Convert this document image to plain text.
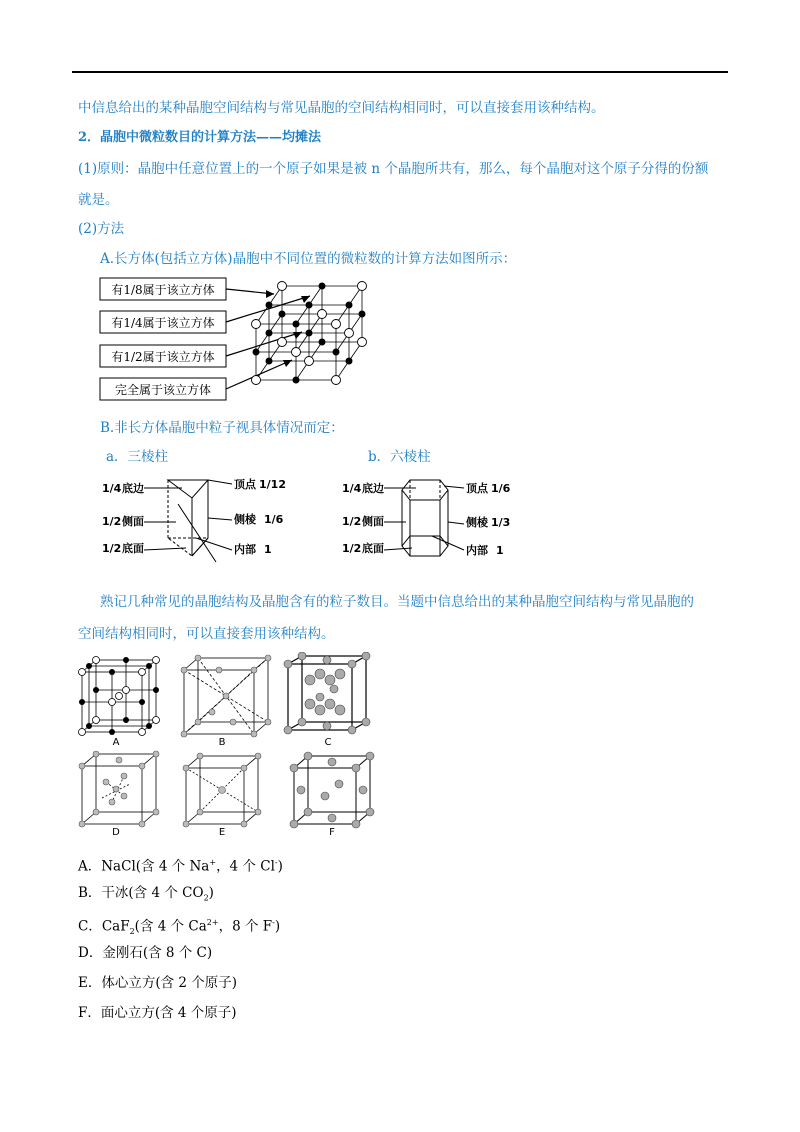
中信息给出的某种晶胞空间结构与常见晶胞的空间结构相同时，可以直接套用该种结构。
2．晶胞中微粒数目的计算方法——均摊法
(1)原则：晶胞中任意位置上的一个原子如果是被 n 个晶胞所共有，那么，每个晶胞对这个原子分得的份额
就是。
(2)方法
A.长方体(包括立方体)晶胞中不同位置的微粒数的计算方法如图所示：
有1/8属于该立方体
有1/4属于该立方体
有1/2属于该立方体
完全属于该立方体
B.非长方体晶胞中粒子视具体情况而定：
a．三棱柱	b．六棱柱
1/4 底边
1/2 侧面
1/2 底面
顶点 1/12
侧棱 1/6
内部 1
1/4 底边
1/2 侧面
1/2 底面
顶点 1/6
侧棱 1/3
内部 1
熟记几种常见的晶胞结构及晶胞含有的粒子数目。当题中信息给出的某种晶胞空间结构与常见晶胞的
空间结构相同时，可以直接套用该种结构。
A	B	C
D	E	F
A．NaCl(含 4 个 Na+，4 个 Cl-)
B．干冰(含 4 个 $CO_2$)
C．CaF$_2$(含 4 个 $Ca^{2+}$，8 个 F-)
D．金刚石(含 8 个 C)
E．体心立方(含 2 个原子)
F．面心立方(含 4 个原子)
